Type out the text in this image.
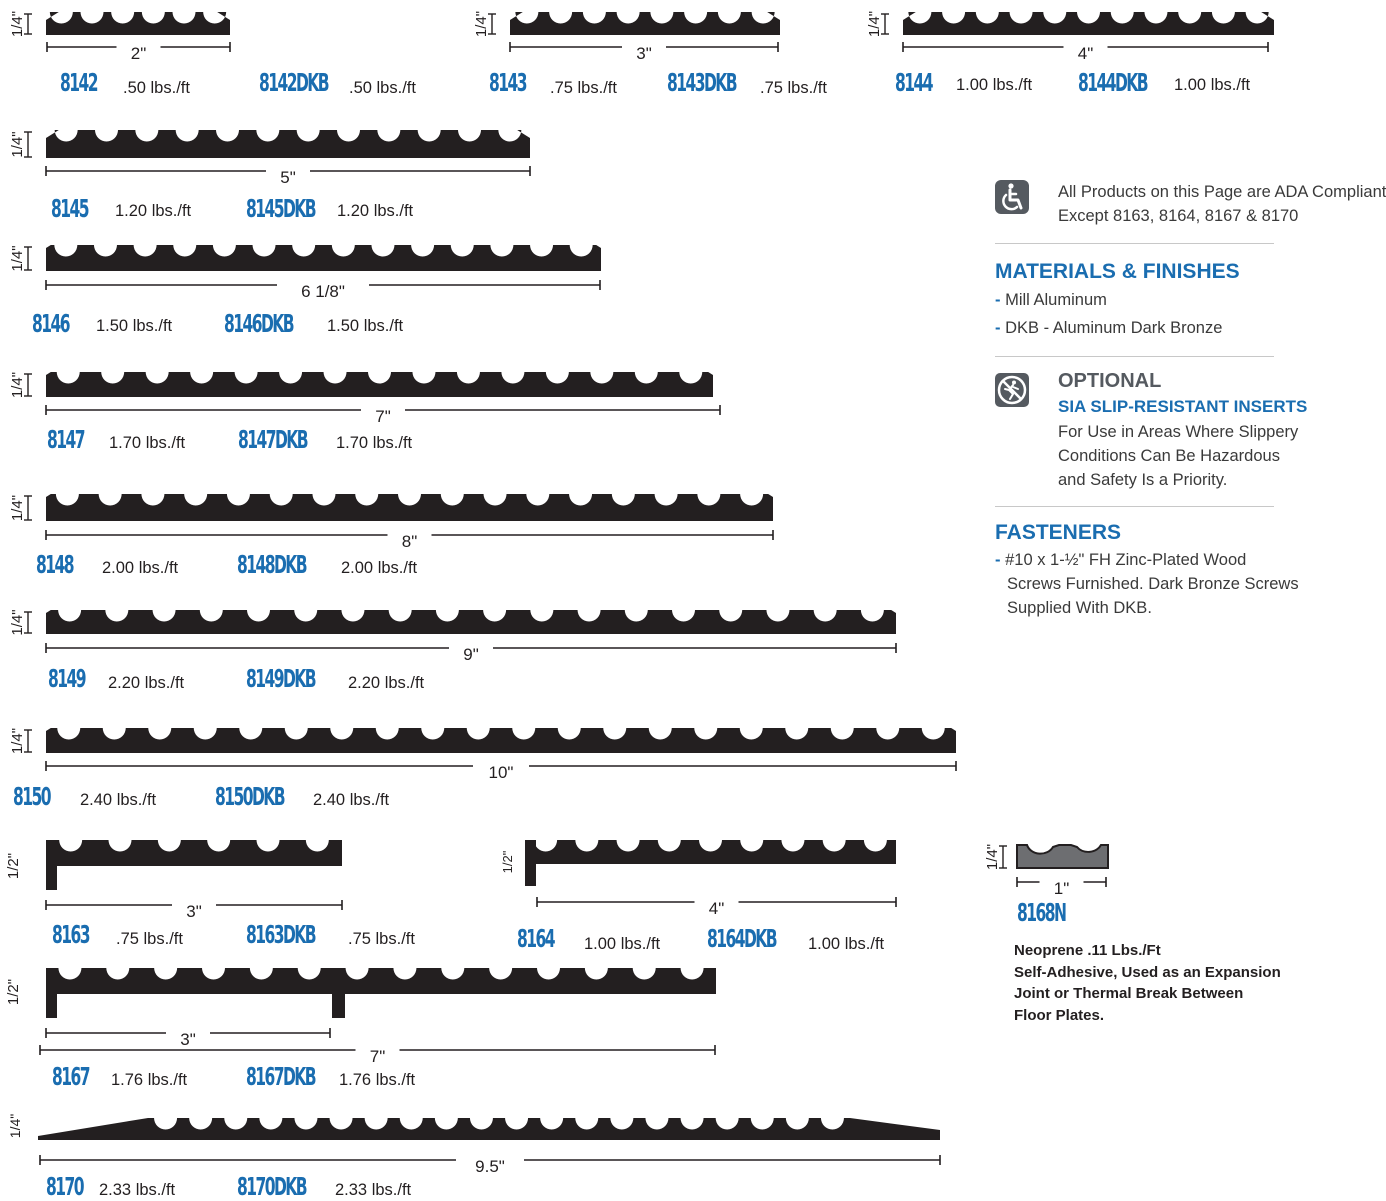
1/4"
2"
1/4"
3"
1/4"
4"
1/4"
5"
1/4"
6 1/8"
1/4"
7"
1/4"
8"
1/4"
9"
1/4"
10"
1/2"
3"
1/2"
4"
1/2"
3"
7"
1/4"
9.5"
1/4"
1"
8142 .50 lbs./ft	8142DKB .50 lbs./ft	8143 .75 lbs./ft 8143DKB .75 lbs./ft	8144 1.00 lbs./ft 8144DKB 1.00 lbs./ft
8145 1.20 lbs./ft 8145DKB 1.20 lbs./ft
8146 1.50 lbs./ft 8146DKB 1.50 lbs./ft
8147 1.70 lbs./ft 8147DKB 1.70 lbs./ft
8148 2.00 lbs./ft 8148DKB 2.00 lbs./ft
8149 2.20 lbs./ft 8149DKB 2.20 lbs./ft
8150 2.40 lbs./ft 8150DKB 2.40 lbs./ft
8163 .75 lbs./ft	8163DKB .75 lbs./ft	8164 1.00 lbs./ft 8164DKB 1.00 lbs./ft
8167 1.76 lbs./ft 8167DKB 1.76 lbs./ft
8170 2.33 lbs./ft 8170DKB 2.33 lbs./ft
All Products on this Page are ADA Compliant
Except 8163, 8164, 8167 & 8170
MATERIALS & FINISHES
- Mill Aluminum
- DKB - Aluminum Dark Bronze
OPTIONAL
SIA SLIP-RESISTANT INSERTS
For Use in Areas Where Slippery
Conditions Can Be Hazardous
and Safety Is a Priority.
FASTENERS
- #10 x 1-½" FH Zinc-Plated Wood
Screws Furnished. Dark Bronze Screws
Supplied With DKB.
8168N
Neoprene .11 Lbs./Ft
Self-Adhesive, Used as an Expansion
Joint or Thermal Break Between
Floor Plates.
